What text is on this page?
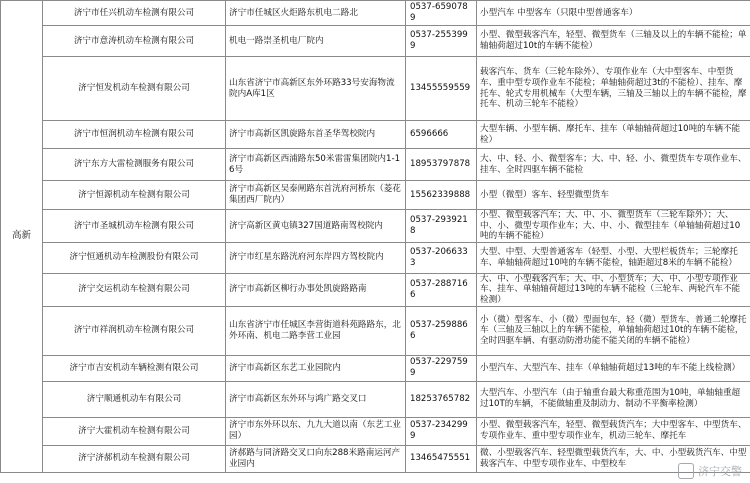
高新	济宁市任兴机动车检测有限公司	济宁市任城区火炬路东机电二路北	0537-6590789	小型汽车 中型客车（只限中型普通客车）
	济宁市意涛机动车检测有限公司	机电一路崇圣机电厂院内	0537-2553999	小型、微型载客汽车，轻型、微型货车（三轴及以上的车辆不能检；单轴轴荷超过10t的车辆不能检）
	济宁恒发机动车检测有限公司	山东省济宁市高新区东外环路33号安海物流院内A库1区	13455559559	载客汽车、货车（三轮车除外）、专项作业车（大中型客车、中型货车、重中型专项作业车不能检；单轴轴荷超过3t的不能检）、挂车、摩托车、轮式专用机械车（大型车辆，三轴及三轴以上的车辆不能检，摩托车、机动三轮车不能检）
	济宁市恒润机动车检测有限公司	济宁市高新区凯旋路东首圣华驾校院内	6596666	大型车辆、小型车辆、摩托车、挂车（单轴轴荷超过10吨的车辆不能检）
	济宁东方大雷检测服务有限公司	济宁市高新区西浦路东50米雷雷集团院内1-16号	18953797878	大、中、轻、小、微型客车；大、中、轻、小、微型货车专项作业车、挂车、全时四驱车辆不能检
	济宁恒源机动车检测有限公司	济宁市高新区吴泰闸路东首洸府河桥东（菱花集团西厂院内）	15562339888	小型（微型）客车、轻型微型货车
	济宁市圣城机动车检测有限公司	济宁高新区黄屯镇327国道路南驾校院内	0537-2939218	小型、微型载客汽车；大、中、小、微型货车（三轮车除外）；大、中、小、微型专项作业车；大、中、小、微型挂车（单轴轴荷超过10吨的车辆不能检）
	济宁恒通机动车检测股份有限公司	济宁市红星东路洸府河东岸四方驾校院内	0537-2066333	大型、中型、大型普通客车（轻型、小型、大型栏板货车；三轮摩托车、单轴轴荷超过10吨的车辆不能检，轴距超过8米的车辆不能检）
	济宁交运机动车检测有限公司	济宁市高新区柳行办事处凯旋路路南	0537-2887166	大、中、小型载客汽车；大、中、小型货车；大、中、小型专项作业车、挂车、单轴轴荷超过13吨的车辆不能检（三轮车、两轮汽车不能检测）
	济宁市祥润机动车检测有限公司	山东省济宁市任城区李营街道科苑路路东，北外环南、机电二路李营工业园	0537-2598866	小（微）型客车、小（微）型面包车，轻（微）型货车、普通二轮摩托车（三轴及三轴以上的车辆不能检，单轴轴荷超过10t的车辆不能检，全时四驱车辆、有驱动防滑功能不能关闭的车辆不能检）
	济宁市吉安机动车辆检测有限公司	济宁市高新区东艺工业园院内	0537-2297599	小型汽车、大型汽车、挂车（单轴轴荷超过13吨的车不能上线检测）
	济宁顺通机动车有限公司	济宁市高新区东外环与鸿广路交叉口	18253765782	大型汽车、小型汽车（由于轴重台最大称重范围为10吨，单轴轴重超过10T的车辆，不能做轴重及制动力、制动不平衡率检测）
	济宁大霍机动车检测有限公司	济宁市东外环以东、九九大道以南（东艺工业园）	0537-2342999	小型、微型载客汽车，轻型、微型载货汽车；大中型客车、中型货车、专项作业车、重中型专项作业车，机动三轮车、摩托车
	济宁济郝机动车检测有限公司	济郝路与同济路交叉口向东288米路南运河产业园内	13465475551	微、小型载客汽车、轻型微型载货汽车，大、中、小型载货汽车、中型载客汽车、中型专项作业车、中型校车
济宁交警
